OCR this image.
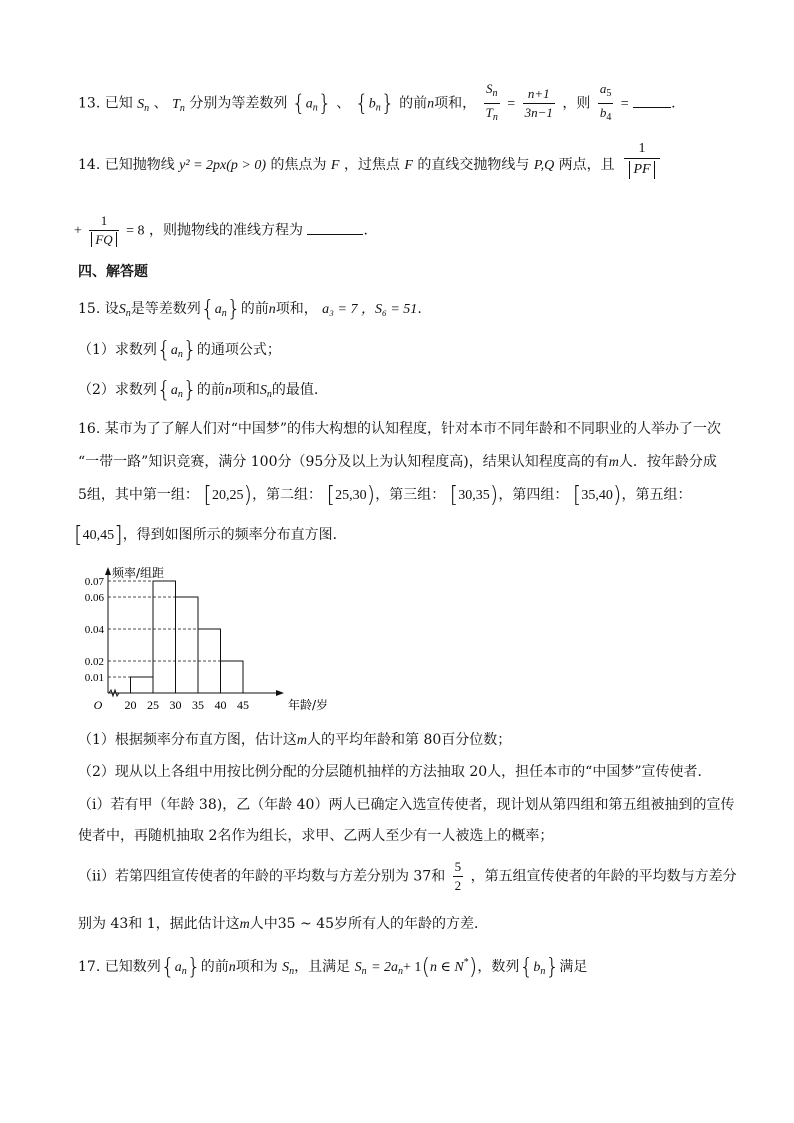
13. 已知 $S_n$ 、 $T_n$ 分别为等差数列 $\{a_n\}$ 、 $\{b_n\}$ 的前n项和， $\frac{S_n}{T_n} = \frac{n+1}{3n-1}$ ，则 $\frac{a_5}{b_4}$ =	.
14. 已知抛物线 y² = 2px(p > 0) 的焦点为 F ，过焦点 F 的直线交抛物线与 P,Q 两点，且
1
PF
+ $\frac{1}{FQ} = 8$ ，则抛物线的准线方程为	.
四、解答题
15. 设$S_n$是等差数列$\{a_n\}$的前n项和， a₃ = 7 ，S₆ = 51.
（1）求数列$\{a_n\}$的通项公式；
（2）求数列$\{a_n\}$的前n项和$S_n$的最值.
16. 某市为了了解人们对“中国梦”的伟大构想的认知程度，针对本市不同年龄和不同职业的人举办了一次
“一带一路”知识竞赛，满分 100分（95分及以上为认知程度高)，结果认知程度高的有m人．按年龄分成
5组，其中第一组： [20,25)，第二组： [25,30)，第三组： [30,35)，第四组： [35,40)，第五组：
[40,45]，得到如图所示的频率分布直方图．
0.07
0.06
0.04
0.02
0.01
20 25 30 35 40 45
O
频率/组距
年龄/岁
（1）根据频率分布直方图，估计这m人的平均年龄和第 80百分位数；
（2）现从以上各组中用按比例分配的分层随机抽样的方法抽取 20人，担任本市的“中国梦”宣传使者．
（i）若有甲（年龄 38)，乙（年龄 40）两人已确定入选宣传使者，现计划从第四组和第五组被抽到的宣传
使者中，再随机抽取 2名作为组长，求甲、乙两人至少有一人被选上的概率；
（ii）若第四组宣传使者的年龄的平均数与方差分别为 37和 $\frac{5}{2}$ ，第五组宣传使者的年龄的平均数与方差分
别为 43和 1，据此估计这m人中35 ~ 45岁所有人的年龄的方差．
17. 已知数列$\{a_n\}$的前n项和为 $S_n$，且满足 $S_n = 2a_n+ 1(n$ ∈ N*)，数列$\{b_n\}$满足
